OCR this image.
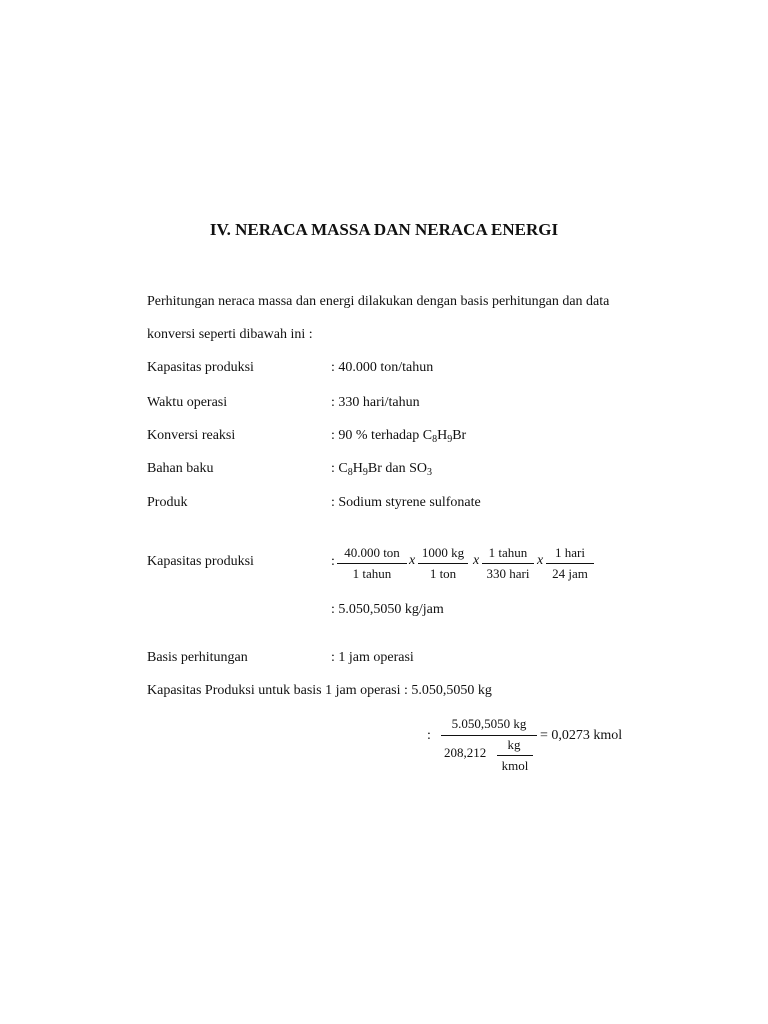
IV. NERACA MASSA DAN NERACA ENERGI
Perhitungan neraca massa dan energi dilakukan dengan basis perhitungan dan data
konversi seperti dibawah ini :
Kapasitas produksi	: 40.000 ton/tahun
Waktu operasi	: 330 hari/tahun
Konversi reaksi	: 90 % terhadap $C_8H_9Br$
Bahan baku	: $C_8H_9Br$ dan $SO_3$
Produk	: Sodium styrene sulfonate
Kapasitas produksi	:
40.000 ton
1 tahun
x
1000 kg
1 ton
x
1 tahun
330 hari
x
1 hari
24 jam
: 5.050,5050 kg/jam
Basis perhitungan	: 1 jam operasi
Kapasitas Produksi untuk basis 1 jam operasi : 5.050,5050 kg
:
5.050,5050 kg
208,212
kg
kmol
= 0,0273 kmol
